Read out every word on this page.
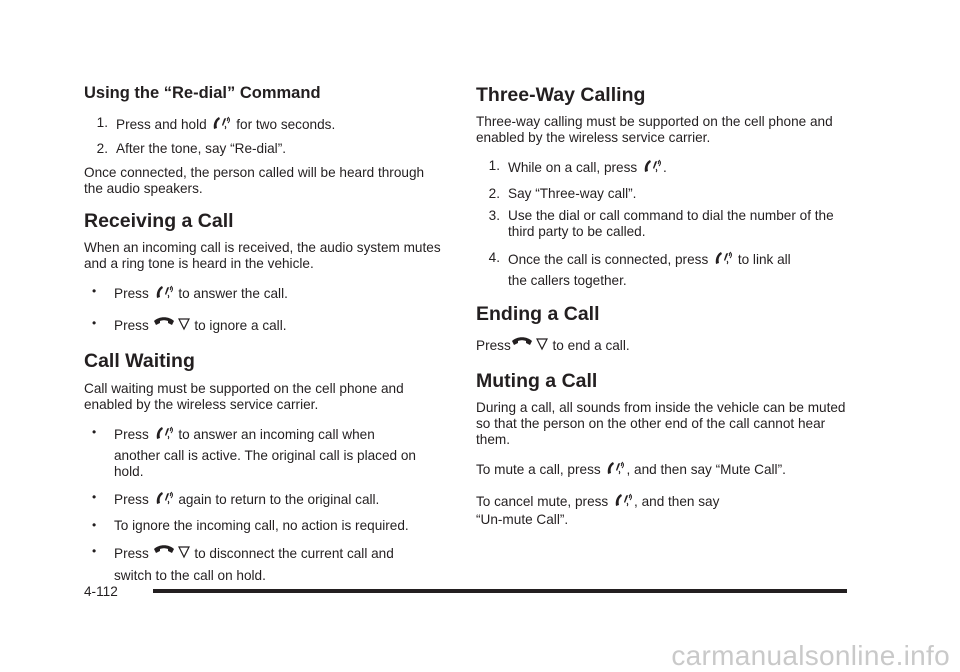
Using the “Re-dial” Command
1. Press and hold for two seconds.
2. After the tone, say “Re-dial”.

Once connected, the person called will be heard through the audio speakers.

Receiving a Call

When an incoming call is received, the audio system mutes and a ring tone is heard in the vehicle.

• Press to answer the call.
• Press	to ignore a call.
Call Waiting

Call waiting must be supported on the cell phone and enabled by the wireless service carrier.

• Press to answer an incoming call when
another call is active. The original call is placed on hold.
• Press again to return to the original call.
• To ignore the incoming call, no action is required.
• Press	to disconnect the current call and
switch to the call on hold.
Three-Way Calling

Three-way calling must be supported on the cell phone and enabled by the wireless service carrier.

1. While on a call, press .
2. Say “Three-way call”.
3. Use the dial or call command to dial the number of the third party to be called.
4. Once the call is connected, press to link all
the callers together.
Ending a Call

Press	to end a call.

Muting a Call

During a call, all sounds from inside the vehicle can be muted so that the person on the other end of the call cannot hear them.

To mute a call, press , and then say “Mute Call”.

To cancel mute, press , and then say
“Un-mute Call”.

4-112
carmanualsonline.info
